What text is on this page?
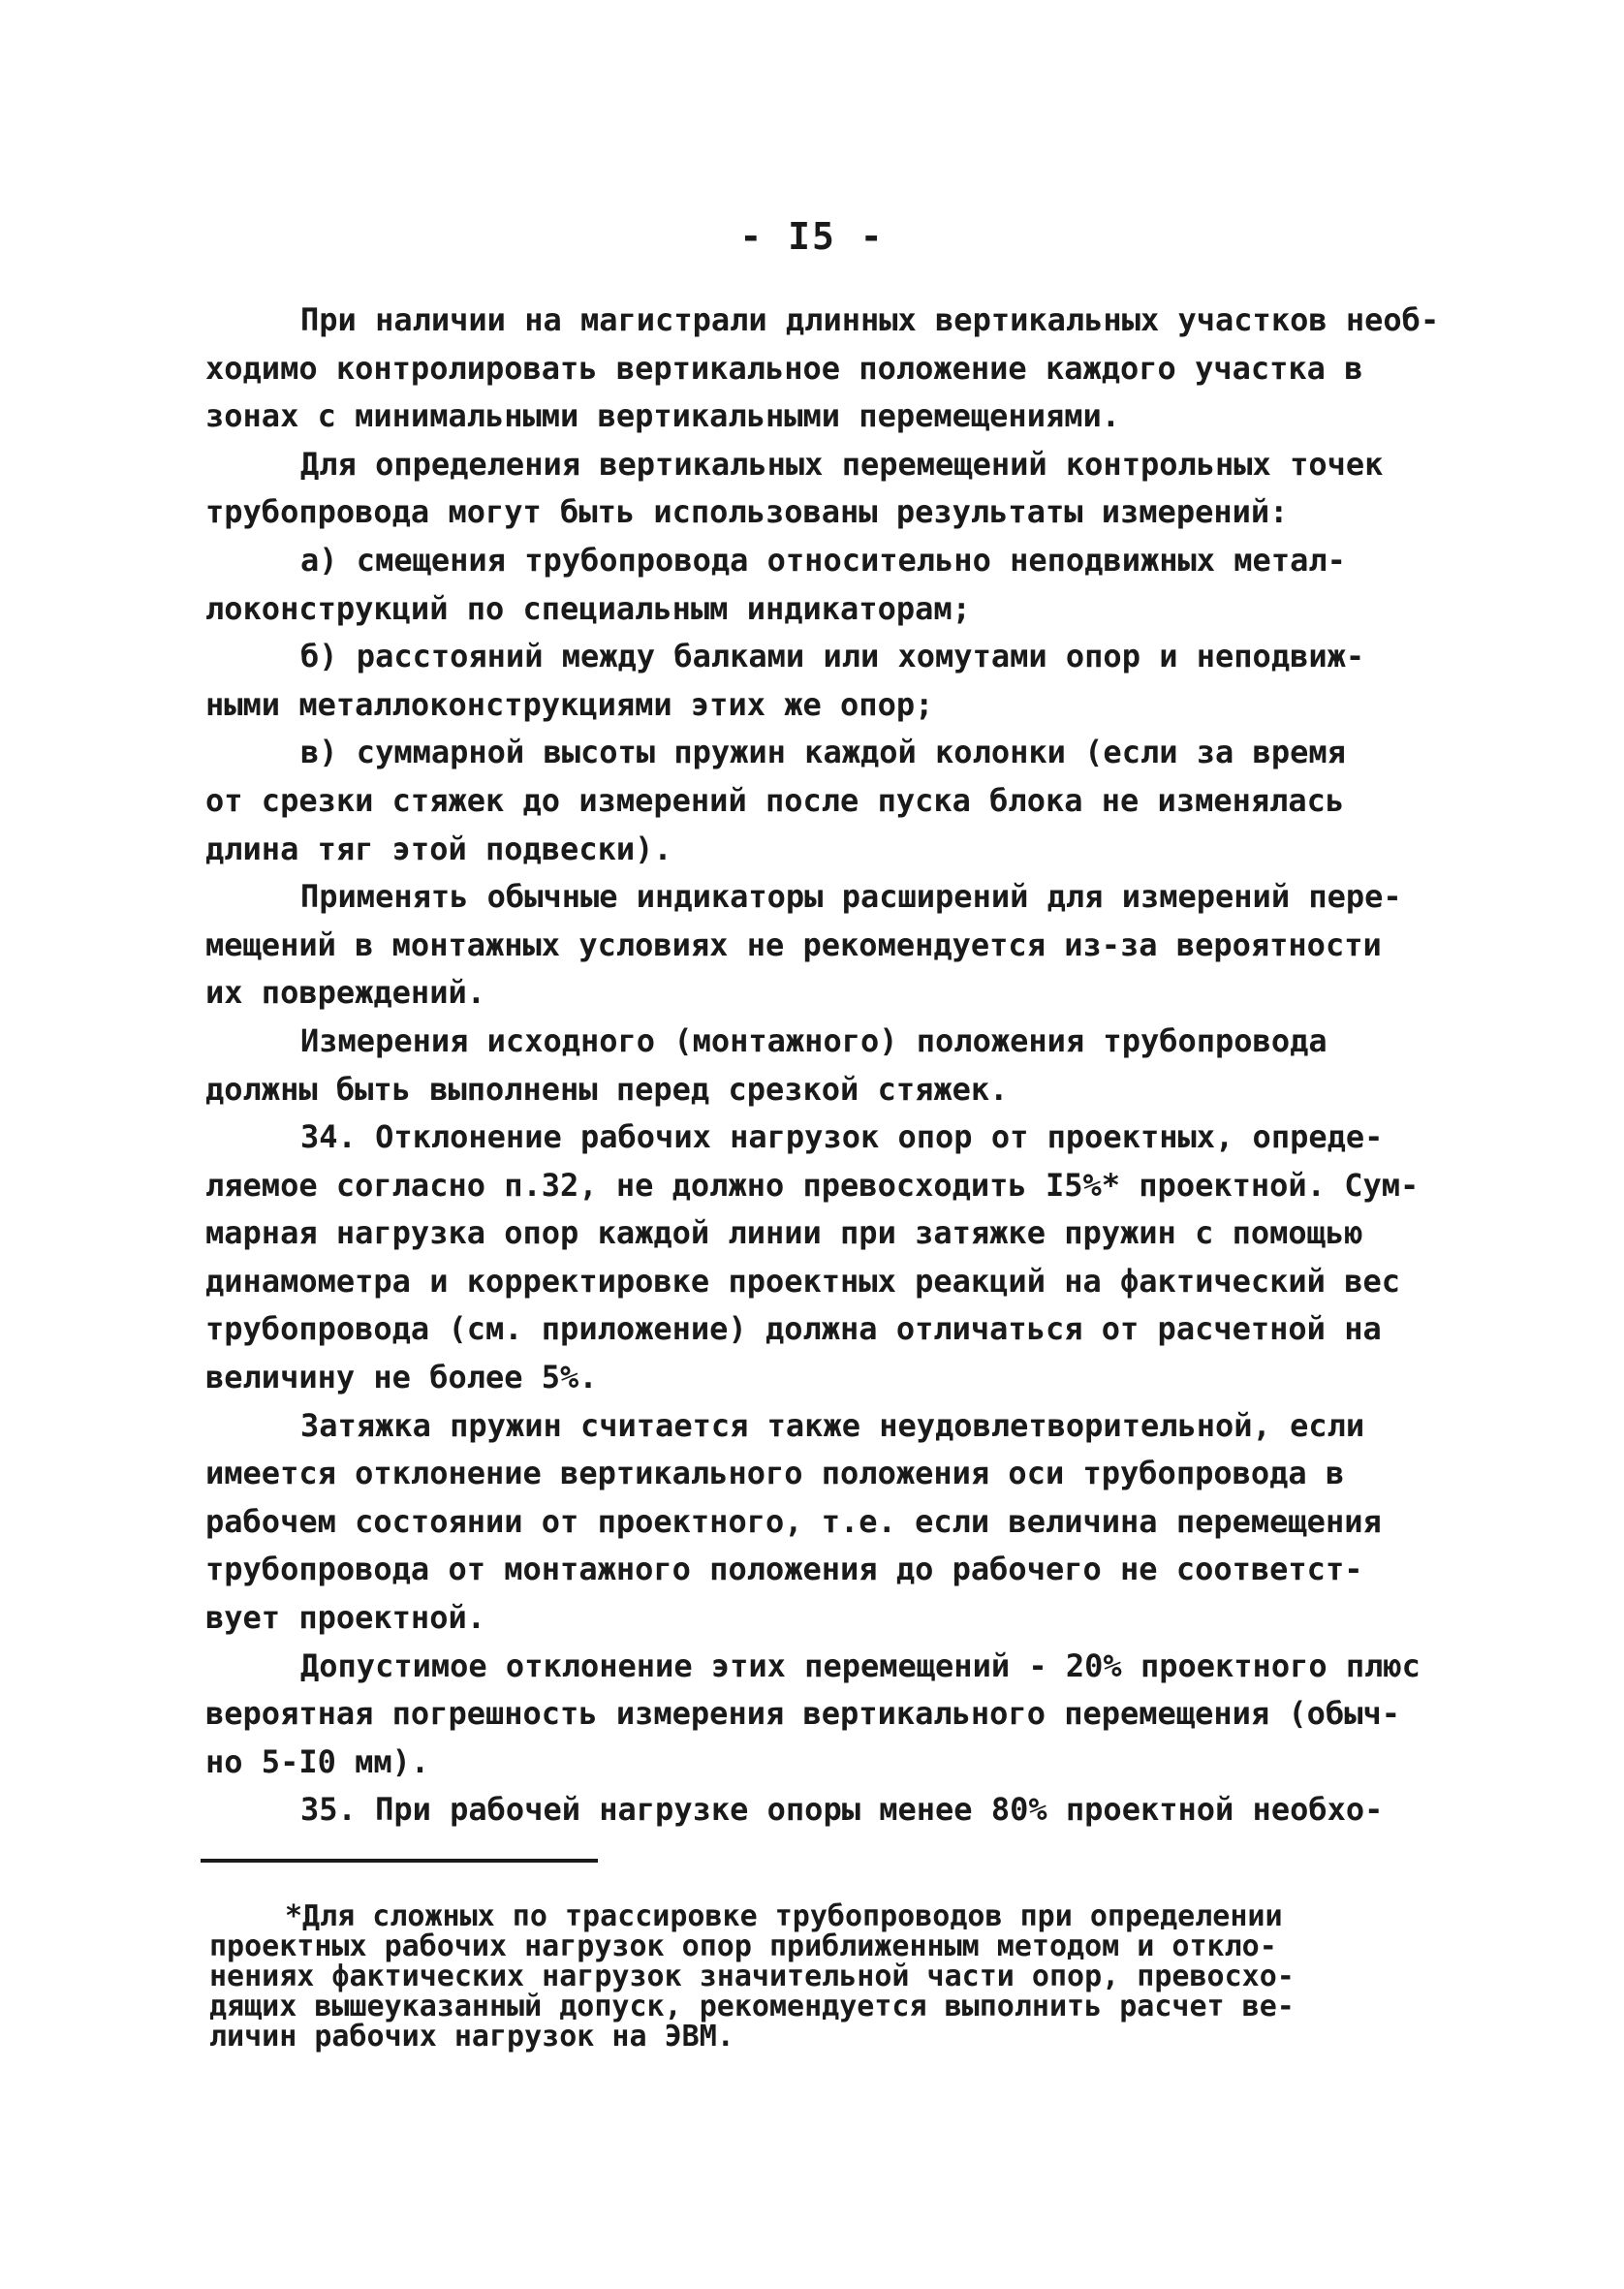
- I5 -
При наличии на магистрали длинных вертикальных участков необ-
ходимо контролировать вертикальное положение каждого участка в
зонах с минимальными вертикальными перемещениями.
Для определения вертикальных перемещений контрольных точек
трубопровода могут быть использованы результаты измерений:
а) смещения трубопровода относительно неподвижных метал-
локонструкций по специальным индикаторам;
б) расстояний между балками или хомутами опор и неподвиж-
ными металлоконструкциями этих же опор;
в) суммарной высоты пружин каждой колонки (если за время
от срезки стяжек до измерений после пуска блока не изменялась
длина тяг этой подвески).
Применять обычные индикаторы расширений для измерений пере-
мещений в монтажных условиях не рекомендуется из-за вероятности
их повреждений.
Измерения исходного (монтажного) положения трубопровода
должны быть выполнены перед срезкой стяжек.
34. Отклонение рабочих нагрузок опор от проектных, опреде-
ляемое согласно п.32, не должно превосходить I5%* проектной. Сум-
марная нагрузка опор каждой линии при затяжке пружин с помощью
динамометра и корректировке проектных реакций на фактический вес
трубопровода (см. приложение) должна отличаться от расчетной на
величину не более 5%.
Затяжка пружин считается также неудовлетворительной, если
имеется отклонение вертикального положения оси трубопровода в
рабочем состоянии от проектного, т.е. если величина перемещения
трубопровода от монтажного положения до рабочего не соответст-
вует проектной.
Допустимое отклонение этих перемещений - 20% проектного плюс
вероятная погрешность измерения вертикального перемещения (обыч-
но 5-I0 мм).
35. При рабочей нагрузке опоры менее 80% проектной необхо-
*Для сложных по трассировке трубопроводов при определении
проектных рабочих нагрузок опор приближенным методом и откло-
нениях фактических нагрузок значительной части опор, превосхо-
дящих вышеуказанный допуск, рекомендуется выполнить расчет ве-
личин рабочих нагрузок на ЭВМ.
